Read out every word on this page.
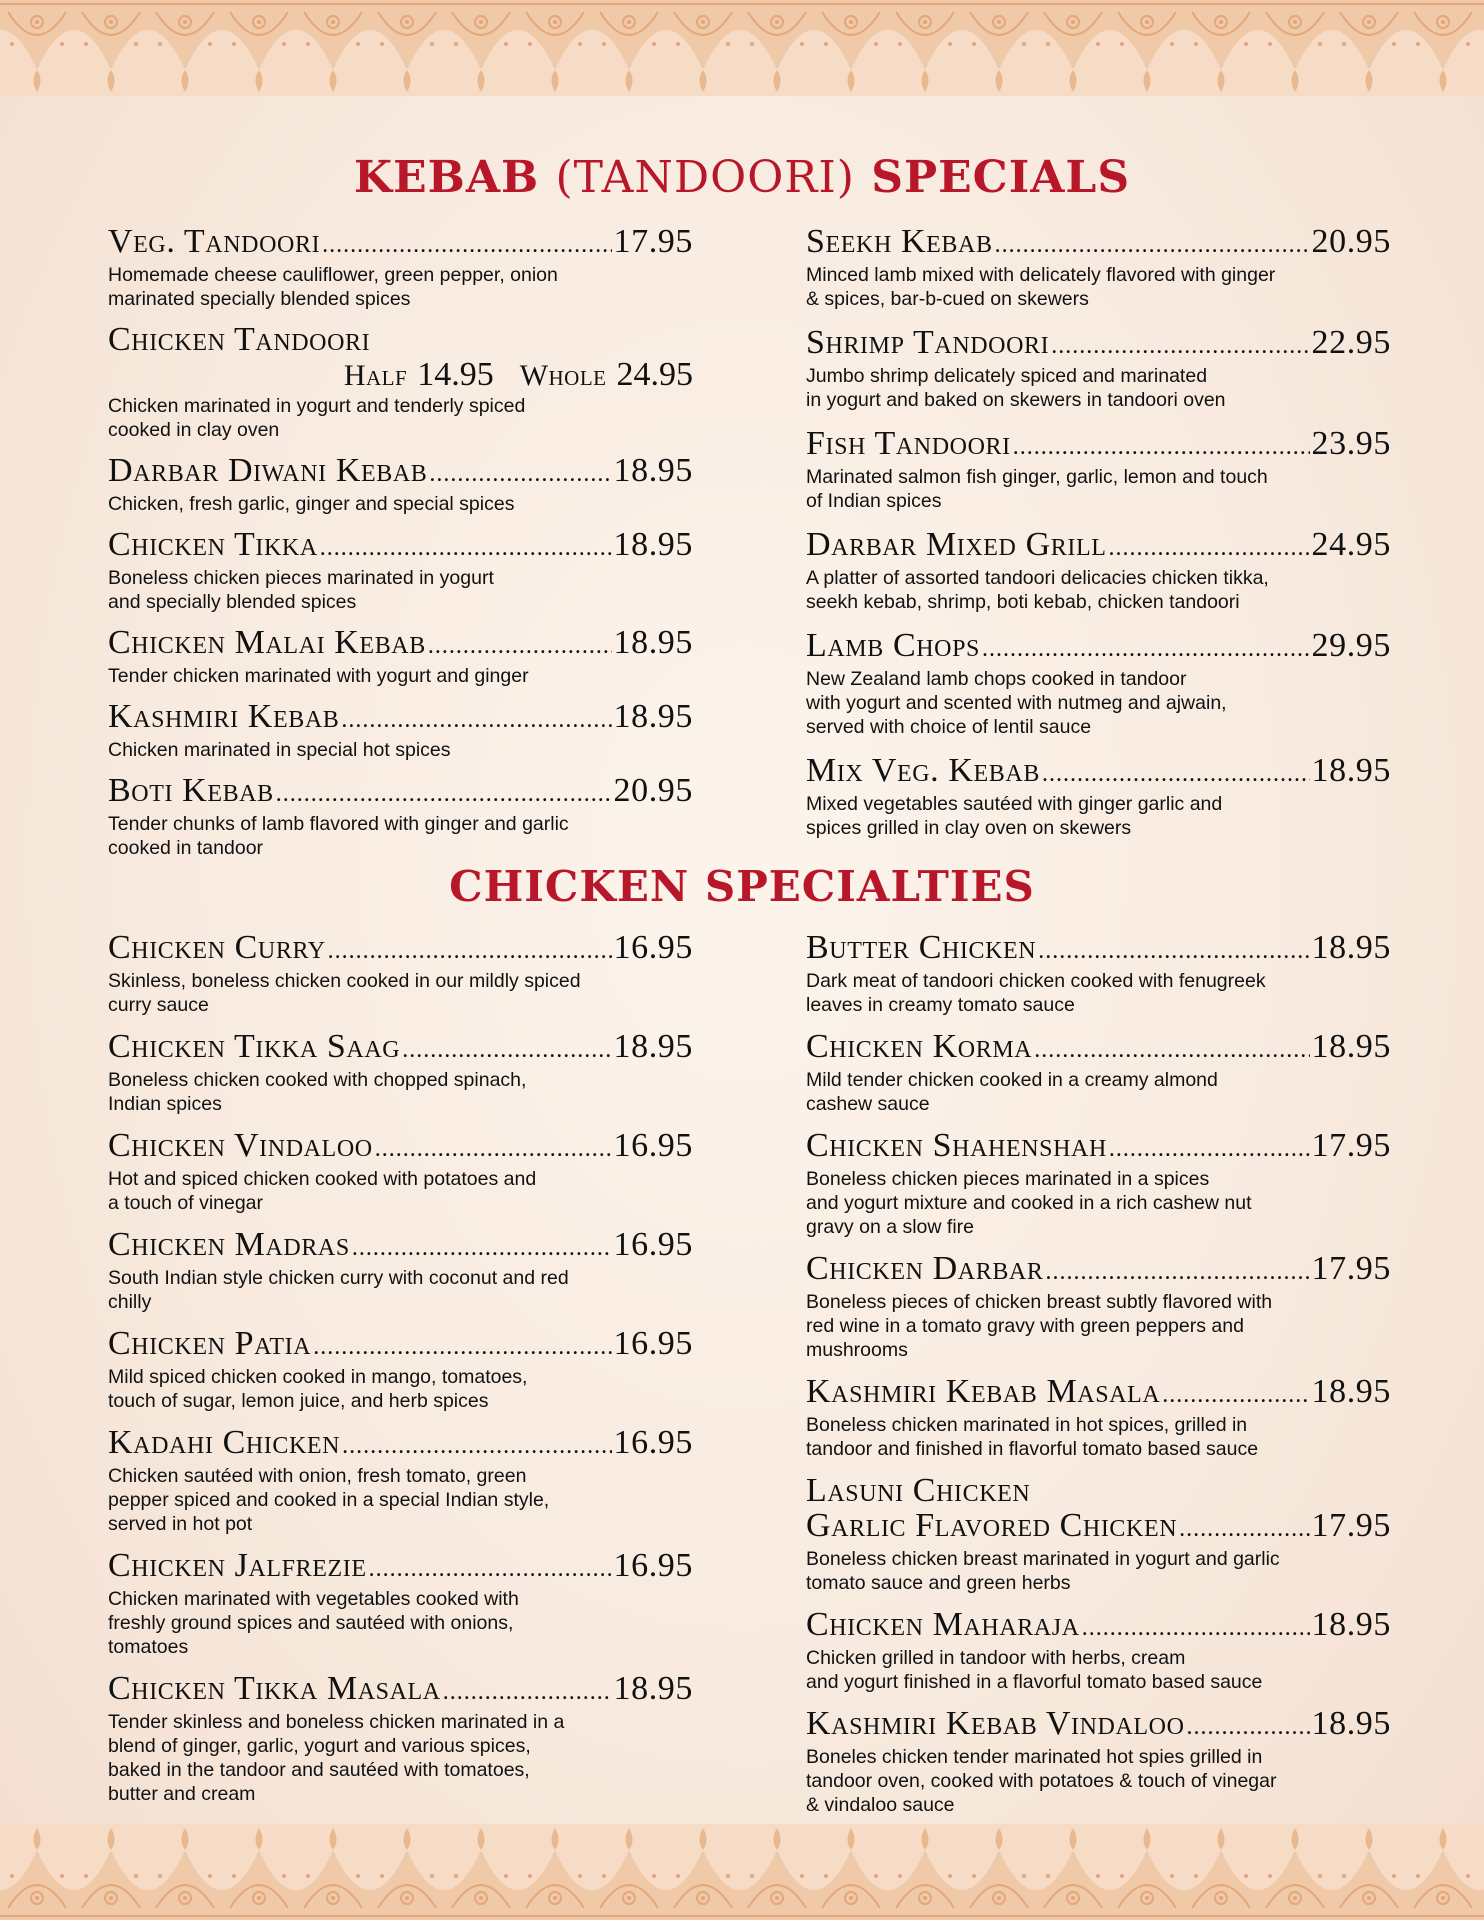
KEBAB (TANDOORI) SPECIALS
Veg. Tandoori .....	17.95
Homemade cheese cauliflower, green pepper, onion
marinated specially blended spices
Chicken Tandoori
Half 14.95 Whole 24.95
Chicken marinated in yogurt and tenderly spiced
cooked in clay oven
Darbar Diwani Kebab .....	18.95
Chicken, fresh garlic, ginger and special spices
Chicken Tikka .....	18.95
Boneless chicken pieces marinated in yogurt
and specially blended spices
Chicken Malai Kebab .....	18.95
Tender chicken marinated with yogurt and ginger
Kashmiri Kebab .....	18.95
Chicken marinated in special hot spices
Boti Kebab .....	20.95
Tender chunks of lamb flavored with ginger and garlic
cooked in tandoor
Seekh Kebab .....	20.95
Minced lamb mixed with delicately flavored with ginger
& spices, bar-b-cued on skewers
Shrimp Tandoori .....	22.95
Jumbo shrimp delicately spiced and marinated
in yogurt and baked on skewers in tandoori oven
Fish Tandoori .....	23.95
Marinated salmon fish ginger, garlic, lemon and touch
of Indian spices
Darbar Mixed Grill .....	24.95
A platter of assorted tandoori delicacies chicken tikka,
seekh kebab, shrimp, boti kebab, chicken tandoori
Lamb Chops .....	29.95
New Zealand lamb chops cooked in tandoor
with yogurt and scented with nutmeg and ajwain,
served with choice of lentil sauce
Mix Veg. Kebab .....	18.95
Mixed vegetables sautéed with ginger garlic and
spices grilled in clay oven on skewers
CHICKEN SPECIALTIES
Chicken Curry .....	16.95
Skinless, boneless chicken cooked in our mildly spiced
curry sauce
Chicken Tikka Saag .....	18.95
Boneless chicken cooked with chopped spinach,
Indian spices
Chicken Vindaloo .....	16.95
Hot and spiced chicken cooked with potatoes and
a touch of vinegar
Chicken Madras .....	16.95
South Indian style chicken curry with coconut and red
chilly
Chicken Patia .....	16.95
Mild spiced chicken cooked in mango, tomatoes,
touch of sugar, lemon juice, and herb spices
Kadahi Chicken .....	16.95
Chicken sautéed with onion, fresh tomato, green
pepper spiced and cooked in a special Indian style,
served in hot pot
Chicken Jalfrezie .....	16.95
Chicken marinated with vegetables cooked with
freshly ground spices and sautéed with onions,
tomatoes
Chicken Tikka Masala .....	18.95
Tender skinless and boneless chicken marinated in a
blend of ginger, garlic, yogurt and various spices,
baked in the tandoor and sautéed with tomatoes,
butter and cream
Butter Chicken .....	18.95
Dark meat of tandoori chicken cooked with fenugreek
leaves in creamy tomato sauce
Chicken Korma .....	18.95
Mild tender chicken cooked in a creamy almond
cashew sauce
Chicken Shahenshah .....	17.95
Boneless chicken pieces marinated in a spices
and yogurt mixture and cooked in a rich cashew nut
gravy on a slow fire
Chicken Darbar .....	17.95
Boneless pieces of chicken breast subtly flavored with
red wine in a tomato gravy with green peppers and
mushrooms
Kashmiri Kebab Masala .....	18.95
Boneless chicken marinated in hot spices, grilled in
tandoor and finished in flavorful tomato based sauce
Lasuni Chicken
Garlic Flavored Chicken .....	17.95
Boneless chicken breast marinated in yogurt and garlic
tomato sauce and green herbs
Chicken Maharaja .....	18.95
Chicken grilled in tandoor with herbs, cream
and yogurt finished in a flavorful tomato based sauce
Kashmiri Kebab Vindaloo .....	18.95
Boneles chicken tender marinated hot spies grilled in
tandoor oven, cooked with potatoes & touch of vinegar
& vindaloo sauce
